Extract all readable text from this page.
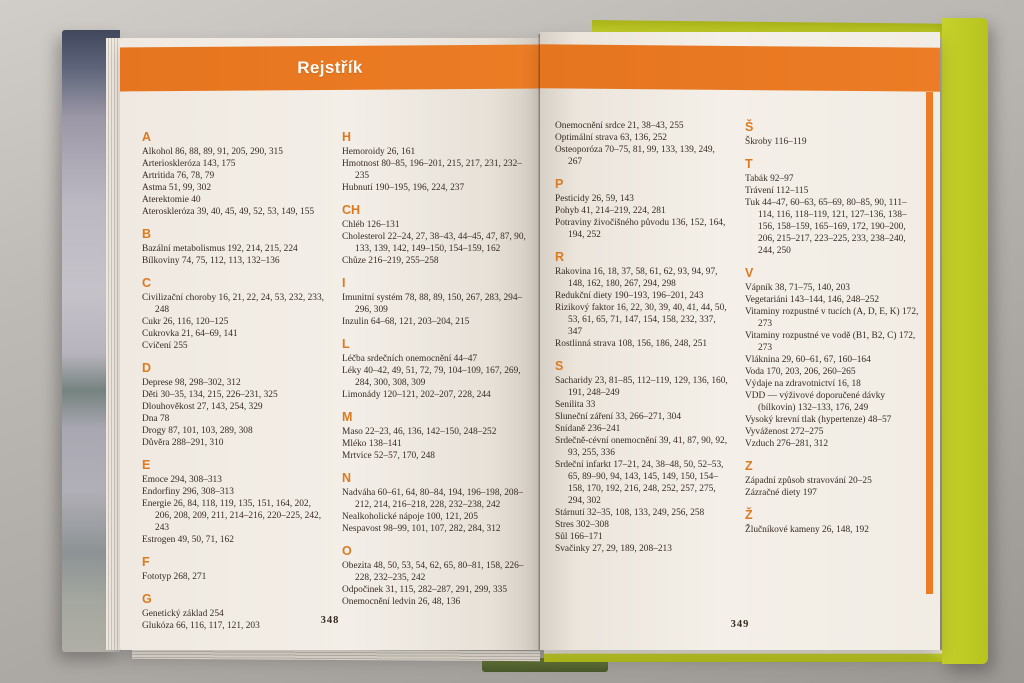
Rejstřík
A
Alkohol 86, 88, 89, 91, 205, 290, 315
Arterioskleróza 143, 175
Artritida 76, 78, 79
Astma 51, 99, 302
Aterektomie 40
Ateroskleróza 39, 40, 45, 49, 52, 53, 149, 155
B
Bazální metabolismus 192, 214, 215, 224
Bílkoviny 74, 75, 112, 113, 132–136
C
Civilizační choroby 16, 21, 22, 24, 53, 232, 233, 248
Cukr 26, 116, 120–125
Cukrovka 21, 64–69, 141
Cvičení 255
D
Deprese 98, 298–302, 312
Děti 30–35, 134, 215, 226–231, 325
Dlouhověkost 27, 143, 254, 329
Dna 78
Drogy 87, 101, 103, 289, 308
Důvěra 288–291, 310
E
Emoce 294, 308–313
Endorfiny 296, 308–313
Energie 26, 84, 118, 119, 135, 151, 164, 202, 206, 208, 209, 211, 214–216, 220–225, 242, 243
Estrogen 49, 50, 71, 162
F
Fototyp 268, 271
G
Genetický základ 254
Glukóza 66, 116, 117, 121, 203
H
Hemoroidy 26, 161
Hmotnost 80–85, 196–201, 215, 217, 231, 232–235
Hubnutí 190–195, 196, 224, 237
CH
Chléb 126–131
Cholesterol 22–24, 27, 38–43, 44–45, 47, 87, 90, 133, 139, 142, 149–150, 154–159, 162
Chůze 216–219, 255–258
I
Imunitní systém 78, 88, 89, 150, 267, 283, 294–296, 309
Inzulin 64–68, 121, 203–204, 215
L
Léčba srdečních onemocnění 44–47
Léky 40–42, 49, 51, 72, 79, 104–109, 167, 269, 284, 300, 308, 309
Limonády 120–121, 202–207, 228, 244
M
Maso 22–23, 46, 136, 142–150, 248–252
Mléko 138–141
Mrtvice 52–57, 170, 248
N
Nadváha 60–61, 64, 80–84, 194, 196–198, 208–212, 214, 216–218, 228, 232–238, 242
Nealkoholické nápoje 100, 121, 205
Nespavost 98–99, 101, 107, 282, 284, 312
O
Obezita 48, 50, 53, 54, 62, 65, 80–81, 158, 226–228, 232–235, 242
Odpočinek 31, 115, 282–287, 291, 299, 335
Onemocnění ledvin 26, 48, 136
348
Onemocnění srdce 21, 38–43, 255
Optimální strava 63, 136, 252
Osteoporóza 70–75, 81, 99, 133, 139, 249, 267
P
Pesticidy 26, 59, 143
Pohyb 41, 214–219, 224, 281
Potraviny živočišného původu 136, 152, 164, 194, 252
R
Rakovina 16, 18, 37, 58, 61, 62, 93, 94, 97, 148, 162, 180, 267, 294, 298
Redukční diety 190–193, 196–201, 243
Rizikový faktor 16, 22, 30, 39, 40, 41, 44, 50, 53, 61, 65, 71, 147, 154, 158, 232, 337, 347
Rostlinná strava 108, 156, 186, 248, 251
S
Sacharidy 23, 81–85, 112–119, 129, 136, 160, 191, 248–249
Senilita 33
Sluneční záření 33, 266–271, 304
Snídaně 236–241
Srdečně-cévní onemocnění 39, 41, 87, 90, 92, 93, 255, 336
Srdeční infarkt 17–21, 24, 38–48, 50, 52–53, 65, 89–90, 94, 143, 145, 149, 150, 154–158, 170, 192, 216, 248, 252, 257, 275, 294, 302
Stárnutí 32–35, 108, 133, 249, 256, 258
Stres 302–308
Sůl 166–171
Svačinky 27, 29, 189, 208–213
Š
Škroby 116–119
T
Tabák 92–97
Trávení 112–115
Tuk 44–47, 60–63, 65–69, 80–85, 90, 111–114, 116, 118–119, 121, 127–136, 138–156, 158–159, 165–169, 172, 190–200, 206, 215–217, 223–225, 233, 238–240, 244, 250
V
Vápník 38, 71–75, 140, 203
Vegetariáni 143–144, 146, 248–252
Vitaminy rozpustné v tucích (A, D, E, K) 172, 273
Vitaminy rozpustné ve vodě (B1, B2, C) 172, 273
Vláknina 29, 60–61, 67, 160–164
Voda 170, 203, 206, 260–265
Výdaje na zdravotnictví 16, 18
VDD — výživové doporučené dávky (bílkovin) 132–133, 176, 249
Vysoký krevní tlak (hypertenze) 48–57
Vyváženost 272–275
Vzduch 276–281, 312
Z
Západní způsob stravování 20–25
Zázračné diety 197
Ž
Žlučníkové kameny 26, 148, 192
349
